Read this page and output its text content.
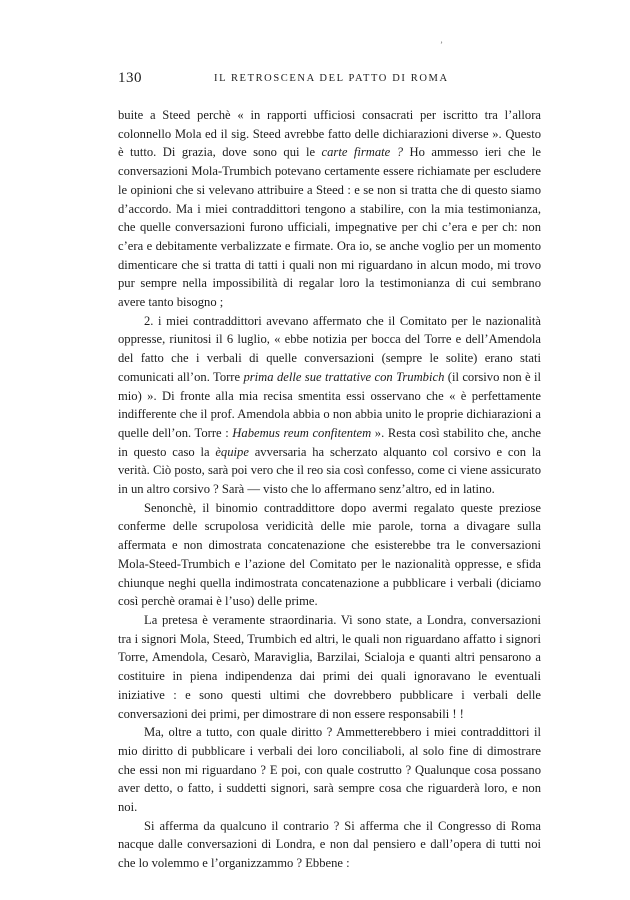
130	IL RETROSCENA DEL PATTO DI ROMA
ʼ

buite a Steed perchè « in rapporti ufficiosi consacrati per iscritto tra l’allora colonnello Mola ed il sig. Steed avrebbe fatto delle dichiarazioni diverse ». Questo è tutto. Di grazia, dove sono qui le carte firmate ? Ho ammesso ieri che le conversazioni Mola-Trumbich potevano certamente essere richiamate per escludere le opinioni che si velevano attribuire a Steed : e se non si tratta che di questo siamo d’accordo. Ma i miei contraddittori tengono a stabilire, con la mia testimonianza, che quelle conversazioni furono ufficiali, impegnative per chi c’era e per ch: non c’era e debitamente verbalizzate e firmate. Ora io, se anche voglio per un momento dimenticare che si tratta di tatti i quali non mi riguardano in alcun modo, mi trovo pur sempre nella impossibilità di regalar loro la testimonianza di cui sembrano avere tanto bisogno ;

2. i miei contraddittori avevano affermato che il Comitato per le nazionalità oppresse, riunitosi il 6 luglio, « ebbe notizia per bocca del Torre e dell’Amendola del fatto che i verbali di quelle conversazioni (sempre le solite) erano stati comunicati all’on. Torre prima delle sue trattative con Trumbich (il corsivo non è il mio) ». Di fronte alla mia recisa smentita essi osservano che « è perfettamente indifferente che il prof. Amendola abbia o non abbia unito le proprie dichiarazioni a quelle dell’on. Torre : Habemus reum confitentem ». Resta così stabilito che, anche in questo caso la èquipe avversaria ha scherzato alquanto col corsivo e con la verità. Ciò posto, sarà poi vero che il reo sia così confesso, come ci viene assicurato in un altro corsivo ? Sarà — visto che lo affermano senz’altro, ed in latino.

Senonchè, il binomio contraddittore dopo avermi regalato queste preziose conferme delle scrupolosa veridicità delle mie parole, torna a divagare sulla affermata e non dimostrata concatenazione che esisterebbe tra le conversazioni Mola-Steed-Trumbich e l’azione del Comitato per le nazionalità oppresse, e sfida chiunque neghi quella indimostrata concatenazione a pubblicare i verbali (diciamo così perchè oramai è l’uso) delle prime.

La pretesa è veramente straordinaria. Vi sono state, a Londra, conversazioni tra i signori Mola, Steed, Trumbich ed altri, le quali non riguardano affatto i signori Torre, Amendola, Cesarò, Maraviglia, Barzilai, Scialoja e quanti altri pensarono a costituire in piena indipendenza dai primi dei quali ignoravano le eventuali iniziative : e sono questi ultimi che dovrebbero pubblicare i verbali delle conversazioni dei primi, per dimostrare di non essere responsabili ! !

Ma, oltre a tutto, con quale diritto ? Ammetterebbero i miei contraddittori il mio diritto di pubblicare i verbali dei loro conciliaboli, al solo fine di dimostrare che essi non mi riguardano ? E poi, con quale costrutto ? Qualunque cosa possano aver detto, o fatto, i suddetti signori, sarà sempre cosa che riguarderà loro, e non noi.

Si afferma da qualcuno il contrario ? Si afferma che il Congresso di Roma nacque dalle conversazioni di Londra, e non dal pensiero e dall’opera di tutti noi che lo volemmo e l’organizzammo ? Ebbene :
